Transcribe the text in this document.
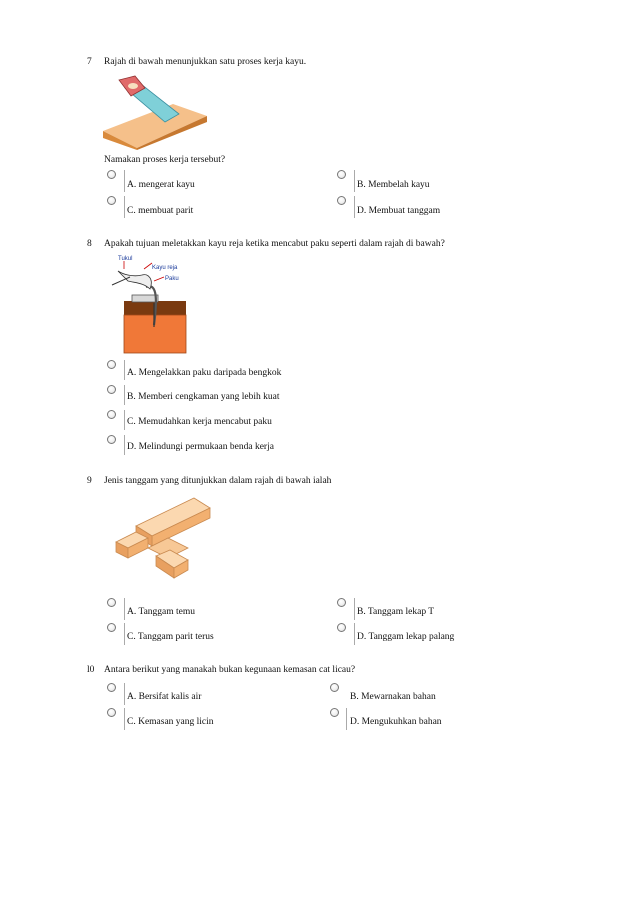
7 Rajah di bawah menunjukkan satu proses kerja kayu.
Namakan proses kerja tersebut?
A. mengerat kayu	B. Membelah kayu
C. membuat parit	D. Membuat tanggam
8 Apakah tujuan meletakkan kayu reja ketika mencabut paku seperti dalam rajah di bawah?
Tukul
Kayu reja
Paku
A. Mengelakkan paku daripada bengkok
B. Memberi cengkaman yang lebih kuat
C. Memudahkan kerja mencabut paku
D. Melindungi permukaan benda kerja
9 Jenis tanggam yang ditunjukkan dalam rajah di bawah ialah
A. Tanggam temu	B. Tanggam lekap T
C. Tanggam parit terus	D. Tanggam lekap palang
l0 Antara berikut yang manakah bukan kegunaan kemasan cat licau?
A. Bersifat kalis air	B. Mewarnakan bahan
C. Kemasan yang licin	D. Mengukuhkan bahan
